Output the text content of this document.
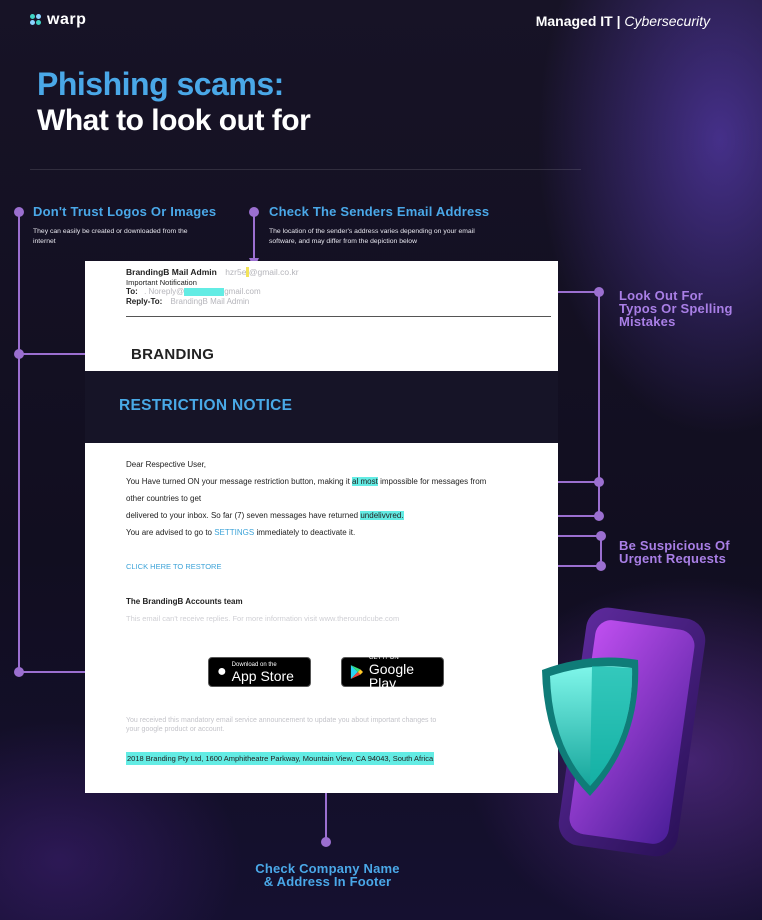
warp	Managed IT | Cybersecurity
Phishing scams:
What to look out for
Don't Trust Logos Or Images
They can easily be created or downloaded from the
internet
Check The Senders Email Address
The location of the sender's address varies depending on your email
software, and may differ from the depiction below
Look Out For
Typos Or Spelling
Mistakes
Be Suspicious Of
Urgent Requests
Check Company Name
& Address In Footer
BrandingB Mail Admin hzr5e @gmail.co.kr
Important Notification
To: . Noreply@	gmail.com
Reply-To: BrandingB Mail Admin
BRANDING
RESTRICTION NOTICE
Dear Respective User,
You Have turned ON your message restriction button, making it al most impossible for messages from
other countries to get
delivered to your inbox. So far (7) seven messages have returned undelivvred.
You are advised to go to SETTINGS immediately to deactivate it.
CLICK HERE TO RESTORE
The BrandingB Accounts team
This email can't receive replies. For more information visit www.theroundcube.com
● Download on the
App Store
GET IT ON
Google Play
You received this mandatory email service announcement to update you about important changes to
your google product or account.
2018 Branding Pty Ltd, 1600 Amphitheatre Parkway, Mountain View, CA 94043, South Africa
